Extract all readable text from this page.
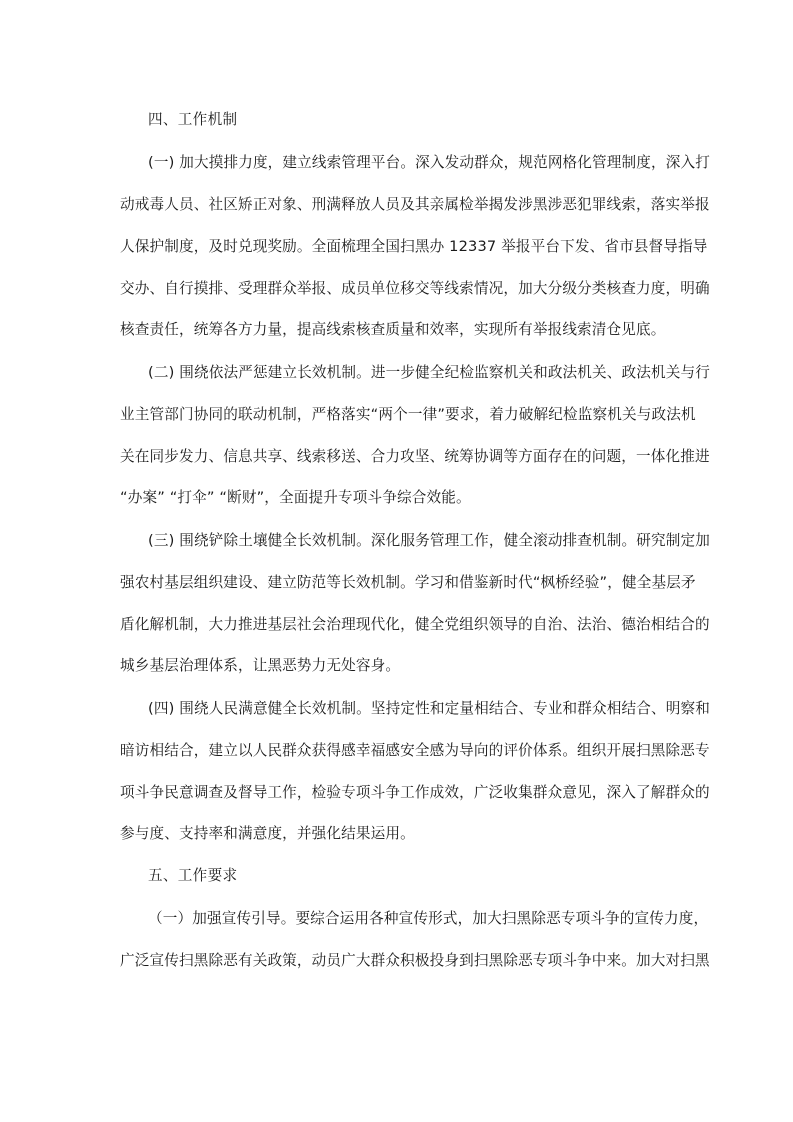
四、工作机制
(一) 加大摸排力度，建立线索管理平台。深入发动群众，规范网格化管理制度，深入打
动戒毒人员、社区矫正对象、刑满释放人员及其亲属检举揭发涉黑涉恶犯罪线索，落实举报
人保护制度，及时兑现奖励。全面梳理全国扫黑办 12337 举报平台下发、省市县督导指导
交办、自行摸排、受理群众举报、成员单位移交等线索情况，加大分级分类核查力度，明确
核查责任，统筹各方力量，提高线索核查质量和效率，实现所有举报线索清仓见底。
(二) 围绕依法严惩建立长效机制。进一步健全纪检监察机关和政法机关、政法机关与行
业主管部门协同的联动机制，严格落实“两个一律”要求，着力破解纪检监察机关与政法机
关在同步发力、信息共享、线索移送、合力攻坚、统筹协调等方面存在的问题，一体化推进
“办案” “打伞” “断财”，全面提升专项斗争综合效能。
(三) 围绕铲除土壤健全长效机制。深化服务管理工作，健全滚动排查机制。研究制定加
强农村基层组织建设、建立防范等长效机制。学习和借鉴新时代“枫桥经验”，健全基层矛
盾化解机制，大力推进基层社会治理现代化，健全党组织领导的自治、法治、德治相结合的
城乡基层治理体系，让黑恶势力无处容身。
(四) 围绕人民满意健全长效机制。坚持定性和定量相结合、专业和群众相结合、明察和
暗访相结合，建立以人民群众获得感幸福感安全感为导向的评价体系。组织开展扫黑除恶专
项斗争民意调查及督导工作，检验专项斗争工作成效，广泛收集群众意见，深入了解群众的
参与度、支持率和满意度，并强化结果运用。
五、工作要求
（一）加强宣传引导。要综合运用各种宣传形式，加大扫黑除恶专项斗争的宣传力度，
广泛宣传扫黑除恶有关政策，动员广大群众积极投身到扫黑除恶专项斗争中来。加大对扫黑
